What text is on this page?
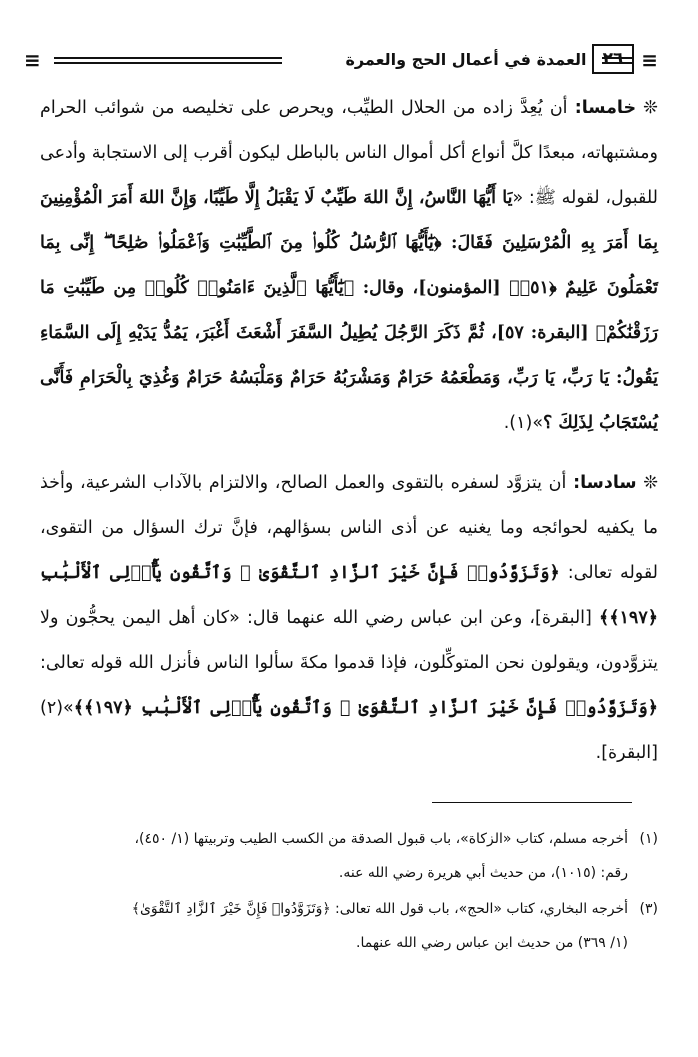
≡	العمدة في أعمال الحج والعمرة ٢٦ ≡

❊ خامسا: أن يُعِدَّ زاده من الحلال الطيِّب، ويحرص على تخليصه من شوائب الحرام ومشتبهاته، مبعدًا كلَّ أنواع أكل أموال الناس بالباطل ليكون أقرب إلى الاستجابة وأدعى للقبول، لقوله ﷺ: «يَا أَيُّهَا النَّاسُ، إِنَّ اللهَ طَيِّبٌ لَا يَقْبَلُ إِلَّا طَيِّبًا، وَإِنَّ اللهَ أَمَرَ الْمُؤْمِنِينَ بِمَا أَمَرَ بِهِ الْمُرْسَلِينَ فَقَالَ: ﴿يَٰٓأَيُّهَا ٱلرُّسُلُ كُلُوا۟ مِنَ ٱلطَّيِّبَٰتِ وَٱعْمَلُوا۟ صَٰلِحًا ۖ إِنِّى بِمَا تَعْمَلُونَ عَلِيمٌ ﴿٥١﴾﴾ [المؤمنون]، وقال: ﴿يَٰٓأَيُّهَا ٱلَّذِينَ ءَامَنُوا۟ كُلُوا۟ مِن طَيِّبَٰتِ مَا رَزَقْنَٰكُمْ﴾ [البقرة: ٥٧]، ثُمَّ ذَكَرَ الرَّجُلَ يُطِيلُ السَّفَرَ أَشْعَثَ أَغْبَرَ، يَمُدُّ يَدَيْهِ إِلَى السَّمَاءِ يَقُولُ: يَا رَبِّ، يَا رَبِّ، وَمَطْعَمُهُ حَرَامٌ وَمَشْرَبُهُ حَرَامٌ وَمَلْبَسُهُ حَرَامٌ وَغُذِيَ بِالْحَرَامِ فَأَنَّى يُسْتَجَابُ لِذَلِكَ ؟»(١).

❊ سادسا: أن يتزوَّد لسفره بالتقوى والعمل الصالح، والالتزام بالآداب الشرعية، وأخذ ما يكفيه لحوائجه وما يغنيه عن أذى الناس بسؤالهم، فإنَّ ترك السؤال من التقوى، لقوله تعالى: ﴿وَتَزَوَّدُوا۟ فَإِنَّ خَيْرَ ٱلزَّادِ ٱلتَّقْوَىٰ ۚ وَٱتَّقُونِ يَٰٓأُو۟لِى ٱلْأَلْبَٰبِ ﴿١٩٧﴾﴾ [البقرة]، وعن ابن عباس رضي الله عنهما قال: «كان أهل اليمن يحجُّون ولا يتزوَّدون، ويقولون نحن المتوكِّلون، فإذا قدموا مكةَ سألوا الناس فأنزل الله قوله تعالى: ﴿وَتَزَوَّدُوا۟ فَإِنَّ خَيْرَ ٱلزَّادِ ٱلتَّقْوَىٰ ۚ وَٱتَّقُونِ يَٰٓأُو۟لِى ٱلْأَلْبَٰبِ ﴿١٩٧﴾﴾»(٢) [البقرة].

(١)أخرجه مسلم، كتاب «الزكاة»، باب قبول الصدقة من الكسب الطيب وتربيتها (١/ ٤٥٠)،
رقم: (١٠١٥)، من حديث أبي هريرة رضي الله عنه.
(٣)أخرجه البخاري، كتاب «الحج»، باب قول الله تعالى: ﴿وَتَزَوَّدُوا۟ فَإِنَّ خَيْرَ ٱلزَّادِ ٱلتَّقْوَىٰ﴾
(١/ ٣٦٩) من حديث ابن عباس رضي الله عنهما.
